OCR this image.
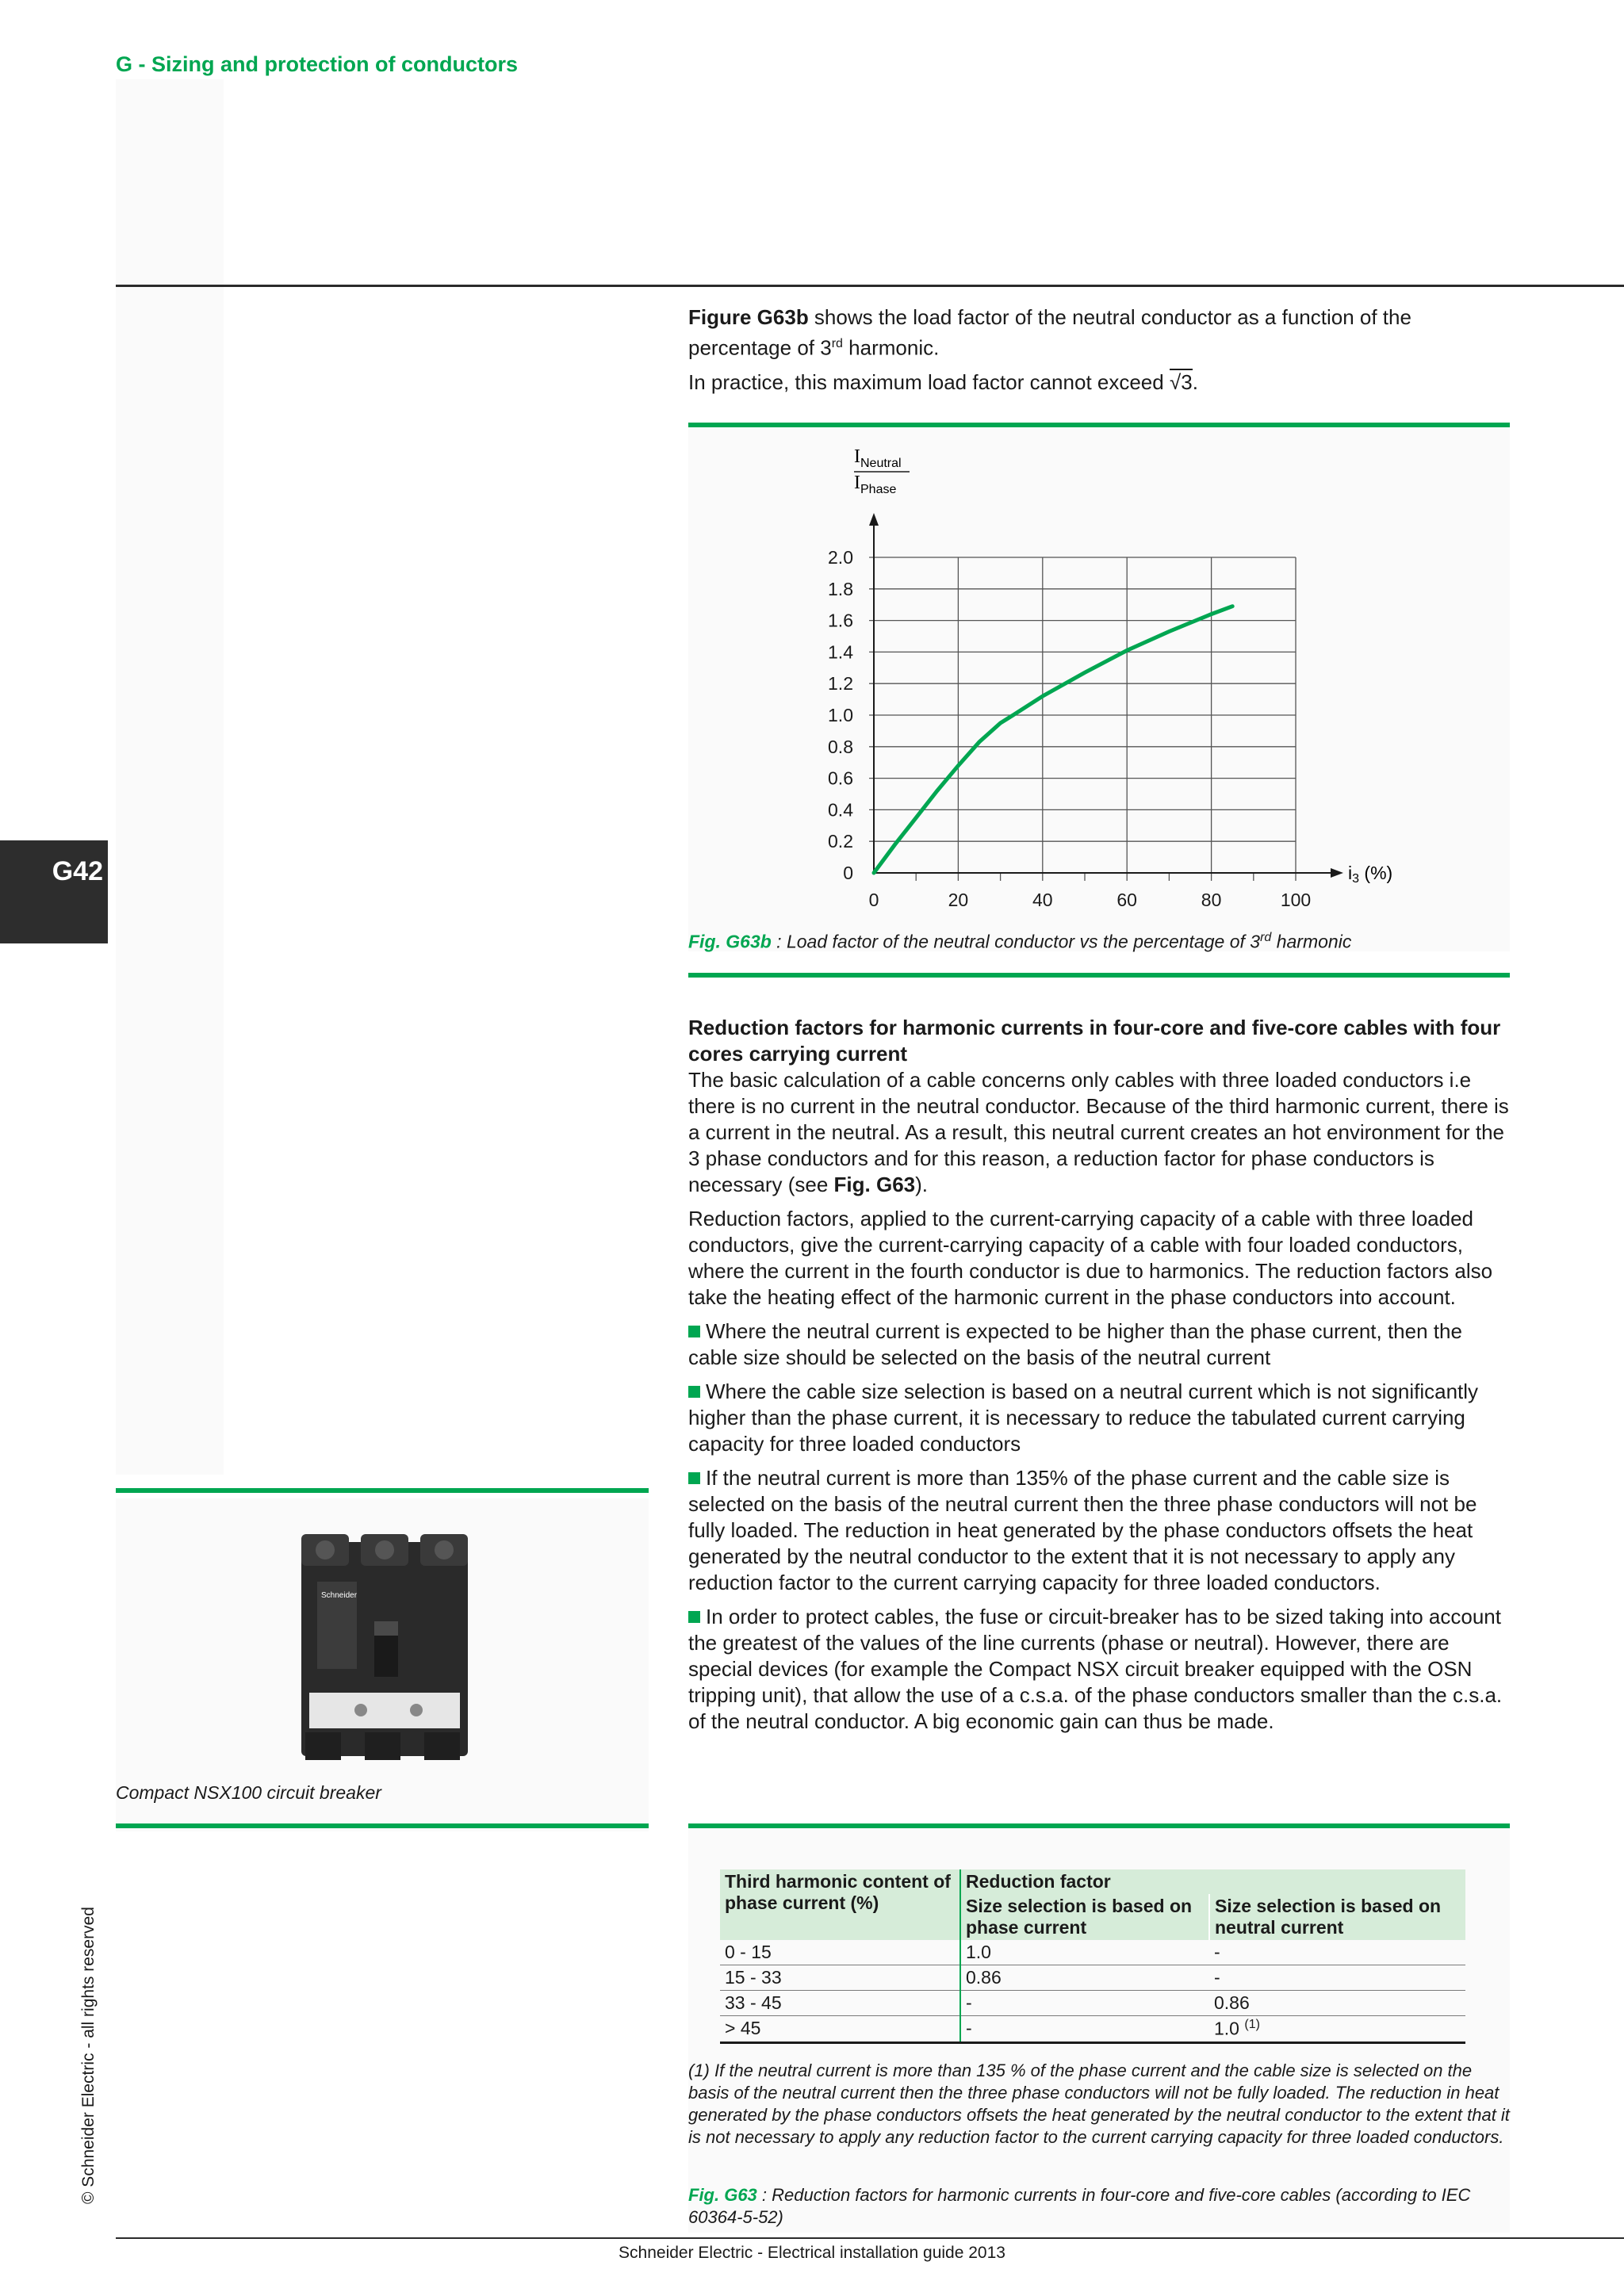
G - Sizing and protection of conductors
G42
© Schneider Electric - all rights reserved

Figure G63b shows the load factor of the neutral conductor as a function of the

percentage of 3rd harmonic.

In practice, this maximum load factor cannot exceed √3.

0
0.2
0.4
0.6
0.8
1.0
1.2
1.4
1.6
1.8
2.0
0	20	40	60	80	100
$I_{Neutral}$
$I_{Phase}$
i3 (%)
Fig. G63b : Load factor of the neutral conductor vs the percentage of 3rd harmonic

Reduction factors for harmonic currents in four-core and five-core cables with four cores carrying current

The basic calculation of a cable concerns only cables with three loaded conductors i.e there is no current in the neutral conductor. Because of the third harmonic current, there is a current in the neutral. As a result, this neutral current creates an hot environment for the 3 phase conductors and for this reason, a reduction factor for phase conductors is necessary (see Fig. G63).

Reduction factors, applied to the current-carrying capacity of a cable with three loaded conductors, give the current-carrying capacity of a cable with four loaded conductors, where the current in the fourth conductor is due to harmonics. The reduction factors also take the heating effect of the harmonic current in the phase conductors into account.

Where the neutral current is expected to be higher than the phase current, then the cable size should be selected on the basis of the neutral current

Where the cable size selection is based on a neutral current which is not significantly higher than the phase current, it is necessary to reduce the tabulated current carrying capacity for three loaded conductors

If the neutral current is more than 135% of the phase current and the cable size is selected on the basis of the neutral current then the three phase conductors will not be fully loaded. The reduction in heat generated by the phase conductors offsets the heat generated by the neutral conductor to the extent that it is not necessary to apply any reduction factor to the current carrying capacity for three loaded conductors.

In order to protect cables, the fuse or circuit-breaker has to be sized taking into account the greatest of the values of the line currents (phase or neutral). However, there are special devices (for example the Compact NSX circuit breaker equipped with the OSN tripping unit), that allow the use of a c.s.a. of the phase conductors smaller than the c.s.a. of the neutral conductor. A big economic gain can thus be made.

Schneider
Compact NSX100 circuit breaker
Third harmonic content of phase current (%)	Reduction factor	
	Size selection is based on phase current	Size selection is based on neutral current
0 - 15	1.0	-
15 - 33	0.86	-
33 - 45	-	0.86
> 45	-	1.0 $^{(1)}$
(1) If the neutral current is more than 135 % of the phase current and the cable size is selected on the basis of the neutral current then the three phase conductors will not be fully loaded. The reduction in heat generated by the phase conductors offsets the heat generated by the neutral conductor to the extent that it is not necessary to apply any reduction factor to the current carrying capacity for three loaded conductors.
Fig. G63 : Reduction factors for harmonic currents in four-core and five-core cables (according to IEC 60364-5-52)
Schneider Electric - Electrical installation guide 2013
